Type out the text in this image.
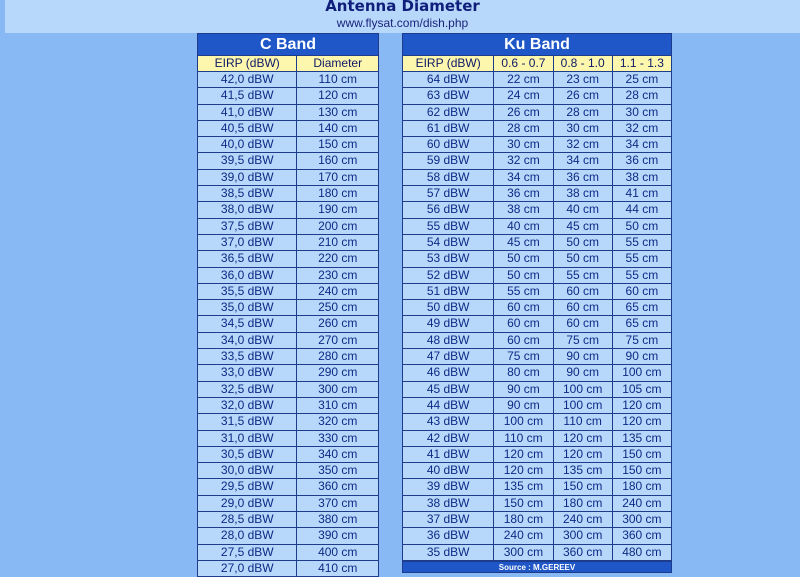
Antenna Diameter
www.flysat.com/dish.php
C Band	
EIRP (dBW)	Diameter
42,0 dBW	110 cm
41,5 dBW	120 cm
41,0 dBW	130 cm
40,5 dBW	140 cm
40,0 dBW	150 cm
39,5 dBW	160 cm
39,0 dBW	170 cm
38,5 dBW	180 cm
38,0 dBW	190 cm
37,5 dBW	200 cm
37,0 dBW	210 cm
36,5 dBW	220 cm
36,0 dBW	230 cm
35,5 dBW	240 cm
35,0 dBW	250 cm
34,5 dBW	260 cm
34,0 dBW	270 cm
33,5 dBW	280 cm
33,0 dBW	290 cm
32,5 dBW	300 cm
32,0 dBW	310 cm
31,5 dBW	320 cm
31,0 dBW	330 cm
30,5 dBW	340 cm
30,0 dBW	350 cm
29,5 dBW	360 cm
29,0 dBW	370 cm
28,5 dBW	380 cm
28,0 dBW	390 cm
27,5 dBW	400 cm
27,0 dBW	410 cm
Ku Band			
EIRP (dBW)	0.6 - 0.7	0.8 - 1.0	1.1 - 1.3
64 dBW	22 cm	23 cm	25 cm
63 dBW	24 cm	26 cm	28 cm
62 dBW	26 cm	28 cm	30 cm
61 dBW	28 cm	30 cm	32 cm
60 dBW	30 cm	32 cm	34 cm
59 dBW	32 cm	34 cm	36 cm
58 dBW	34 cm	36 cm	38 cm
57 dBW	36 cm	38 cm	41 cm
56 dBW	38 cm	40 cm	44 cm
55 dBW	40 cm	45 cm	50 cm
54 dBW	45 cm	50 cm	55 cm
53 dBW	50 cm	50 cm	55 cm
52 dBW	50 cm	55 cm	55 cm
51 dBW	55 cm	60 cm	60 cm
50 dBW	60 cm	60 cm	65 cm
49 dBW	60 cm	60 cm	65 cm
48 dBW	60 cm	75 cm	75 cm
47 dBW	75 cm	90 cm	90 cm
46 dBW	80 cm	90 cm	100 cm
45 dBW	90 cm	100 cm	105 cm
44 dBW	90 cm	100 cm	120 cm
43 dBW	100 cm	110 cm	120 cm
42 dBW	110 cm	120 cm	135 cm
41 dBW	120 cm	120 cm	150 cm
40 dBW	120 cm	135 cm	150 cm
39 dBW	135 cm	150 cm	180 cm
38 dBW	150 cm	180 cm	240 cm
37 dBW	180 cm	240 cm	300 cm
36 dBW	240 cm	300 cm	360 cm
35 dBW	300 cm	360 cm	480 cm
Source : M.GEREEV
